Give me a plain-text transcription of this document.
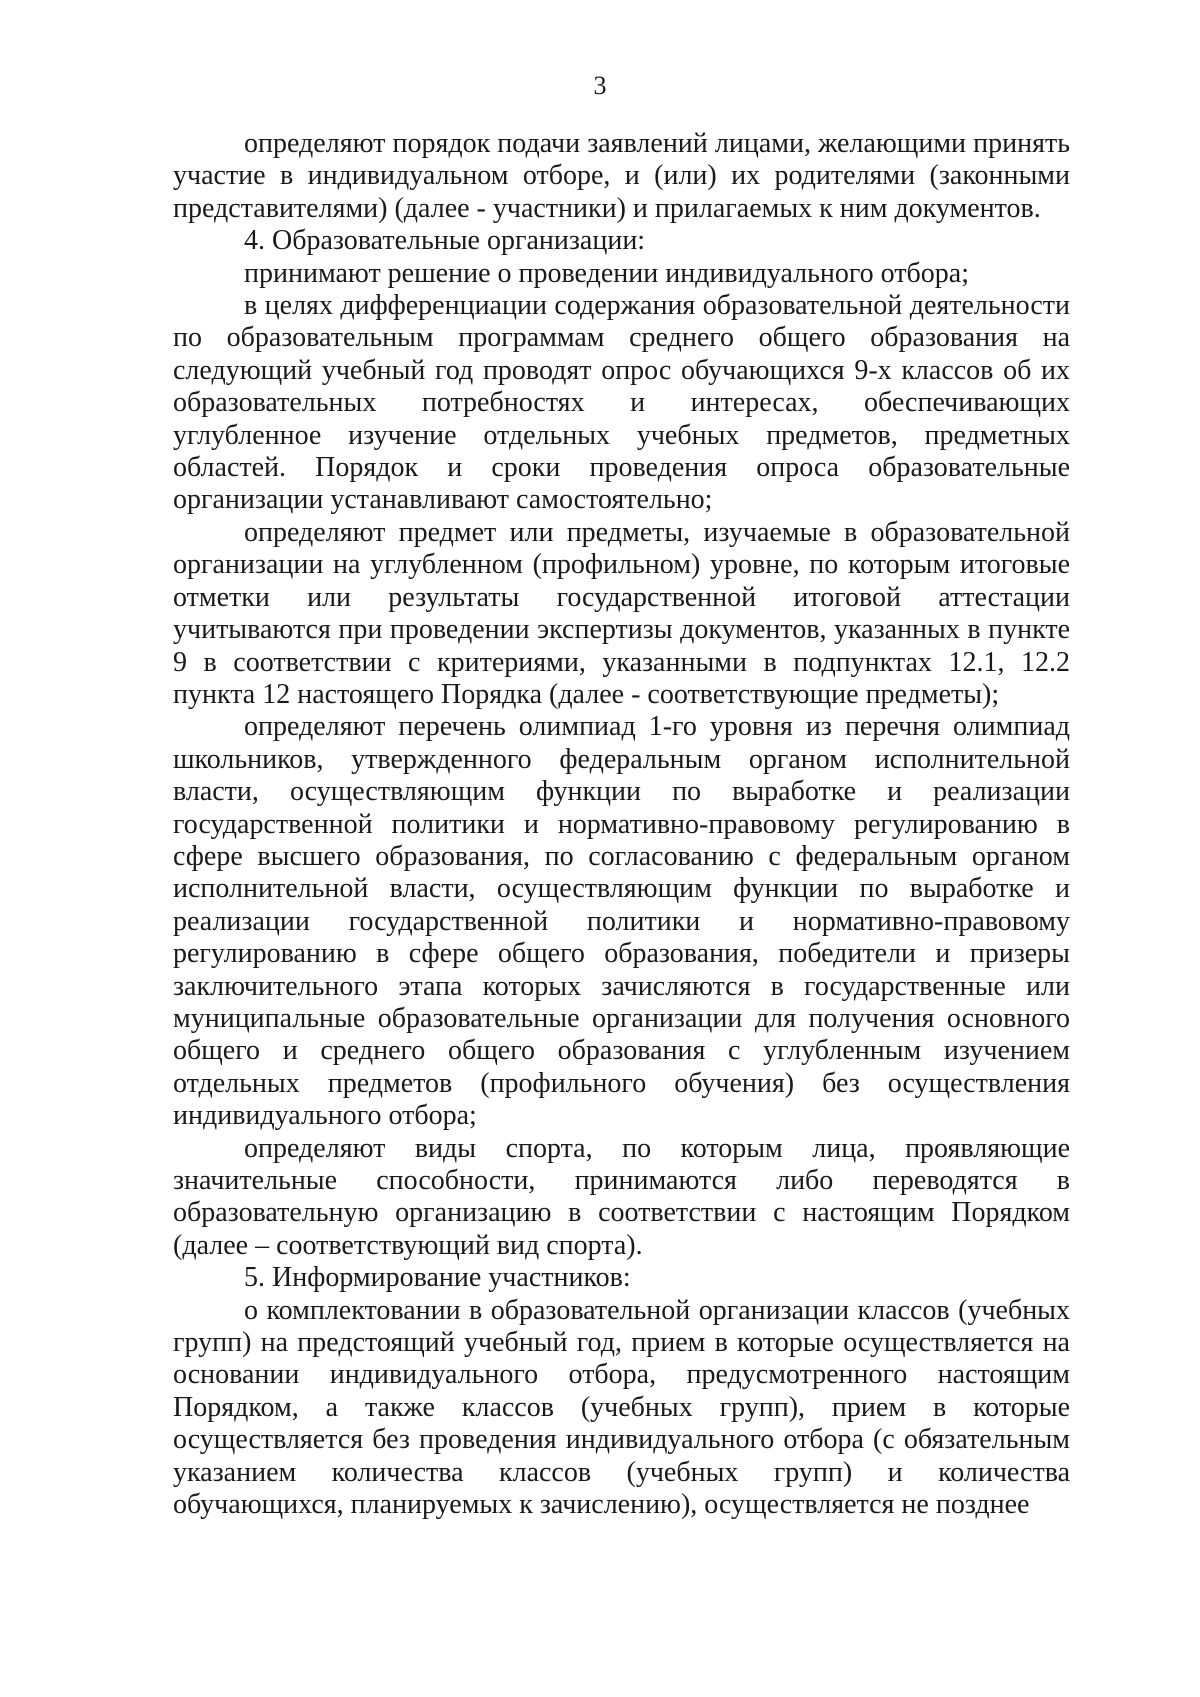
3

определяют порядок подачи заявлений лицами, желающими принять участие в индивидуальном отборе, и (или) их родителями (законными представителями) (далее - участники) и прилагаемых к ним документов.

4. Образовательные организации:

принимают решение о проведении индивидуального отбора;

в целях дифференциации содержания образовательной деятельности по образовательным программам среднего общего образования на следующий учебный год проводят опрос обучающихся 9-х классов об их образовательных потребностях и интересах, обеспечивающих углубленное изучение отдельных учебных предметов, предметных областей. Порядок и сроки проведения опроса образовательные организации устанавливают самостоятельно;

определяют предмет или предметы, изучаемые в образовательной организации на углубленном (профильном) уровне, по которым итоговые отметки или результаты государственной итоговой аттестации учитываются при проведении экспертизы документов, указанных в пункте 9 в соответствии с критериями, указанными в подпунктах 12.1, 12.2 пункта 12 настоящего Порядка (далее - соответствующие предметы);

определяют перечень олимпиад 1-го уровня из перечня олимпиад школьников, утвержденного федеральным органом исполнительной власти, осуществляющим функции по выработке и реализации государственной политики и нормативно-правовому регулированию в сфере высшего образования, по согласованию с федеральным органом исполнительной власти, осуществляющим функции по выработке и реализации государственной политики и нормативно-правовому регулированию в сфере общего образования, победители и призеры заключительного этапа которых зачисляются в государственные или муниципальные образовательные организации для получения основного общего и среднего общего образования с углубленным изучением отдельных предметов (профильного обучения) без осуществления индивидуального отбора;

определяют виды спорта, по которым лица, проявляющие значительные способности, принимаются либо переводятся в образовательную организацию в соответствии с настоящим Порядком (далее – соответствующий вид спорта).

5. Информирование участников:

о комплектовании в образовательной организации классов (учебных групп) на предстоящий учебный год, прием в которые осуществляется на основании индивидуального отбора, предусмотренного настоящим Порядком, а также классов (учебных групп), прием в которые осуществляется без проведения индивидуального отбора (с обязательным указанием количества классов (учебных групп) и количества обучающихся, планируемых к зачислению), осуществляется не позднее
